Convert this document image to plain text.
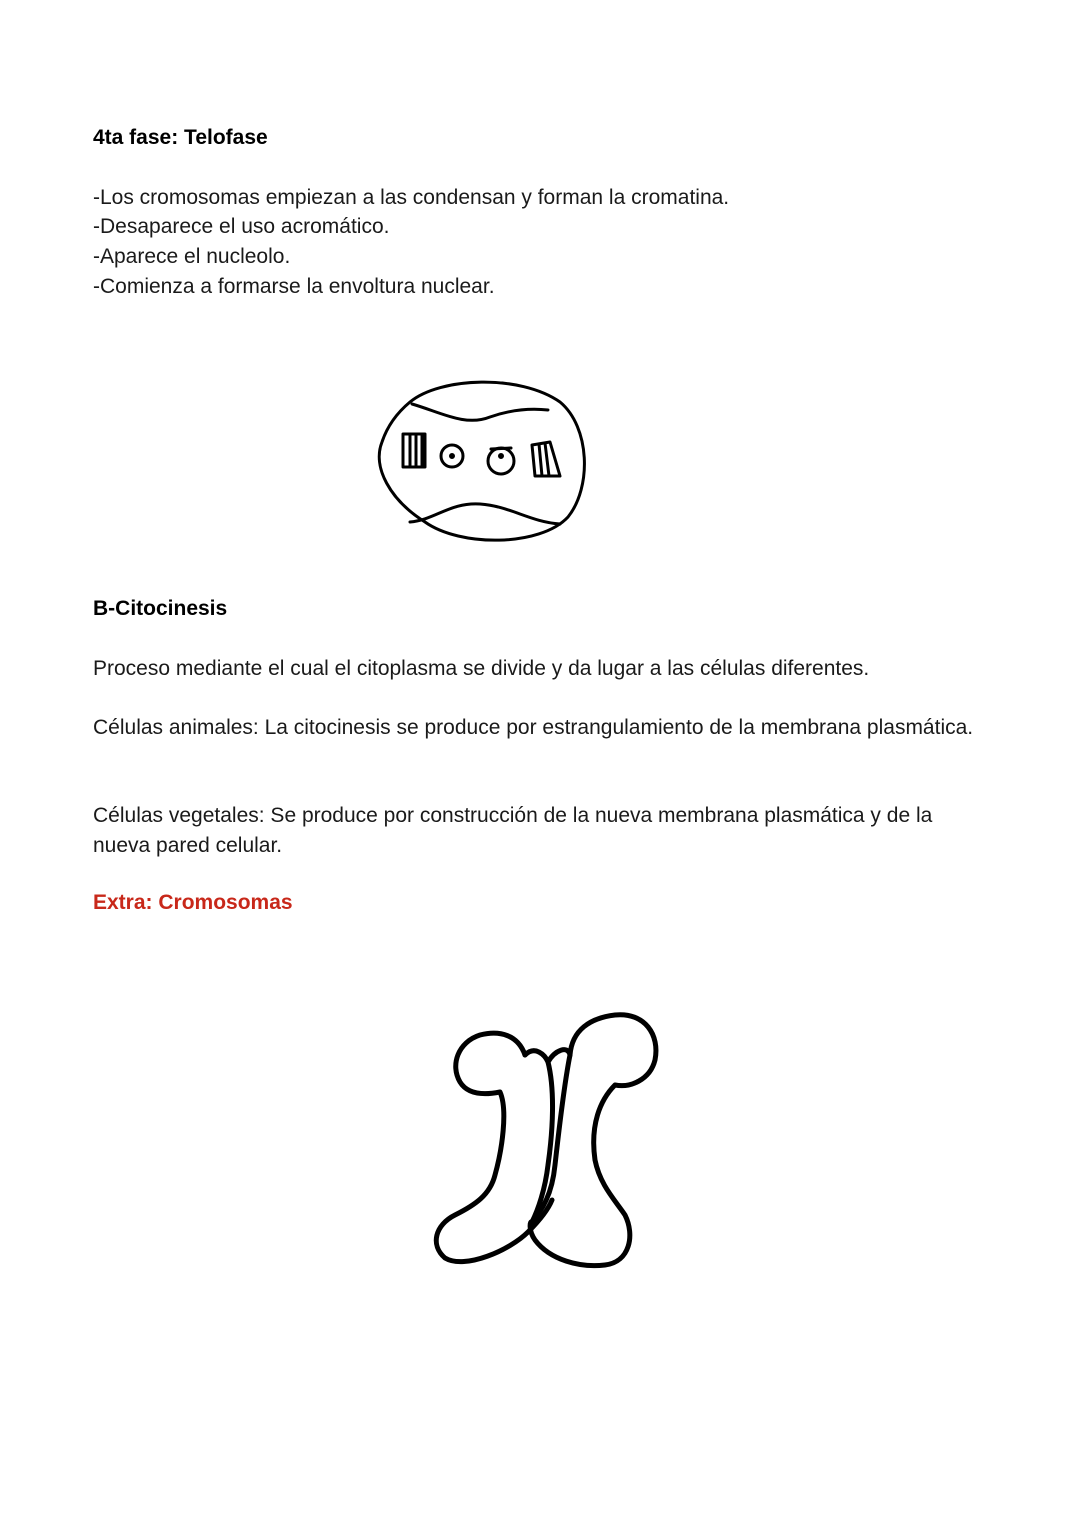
4ta fase: Telofase
-Los cromosomas empiezan a las condensan y forman la cromatina.
-Desaparece el uso acromático.
-Aparece el nucleolo.
-Comienza a formarse la envoltura nuclear.
B-Citocinesis
Proceso mediante el cual el citoplasma se divide y da lugar a las células diferentes.
Células animales: La citocinesis se produce por estrangulamiento de la membrana plasmática.
Células vegetales: Se produce por construcción de la nueva membrana plasmática y de la nueva pared celular.
Extra: Cromosomas
